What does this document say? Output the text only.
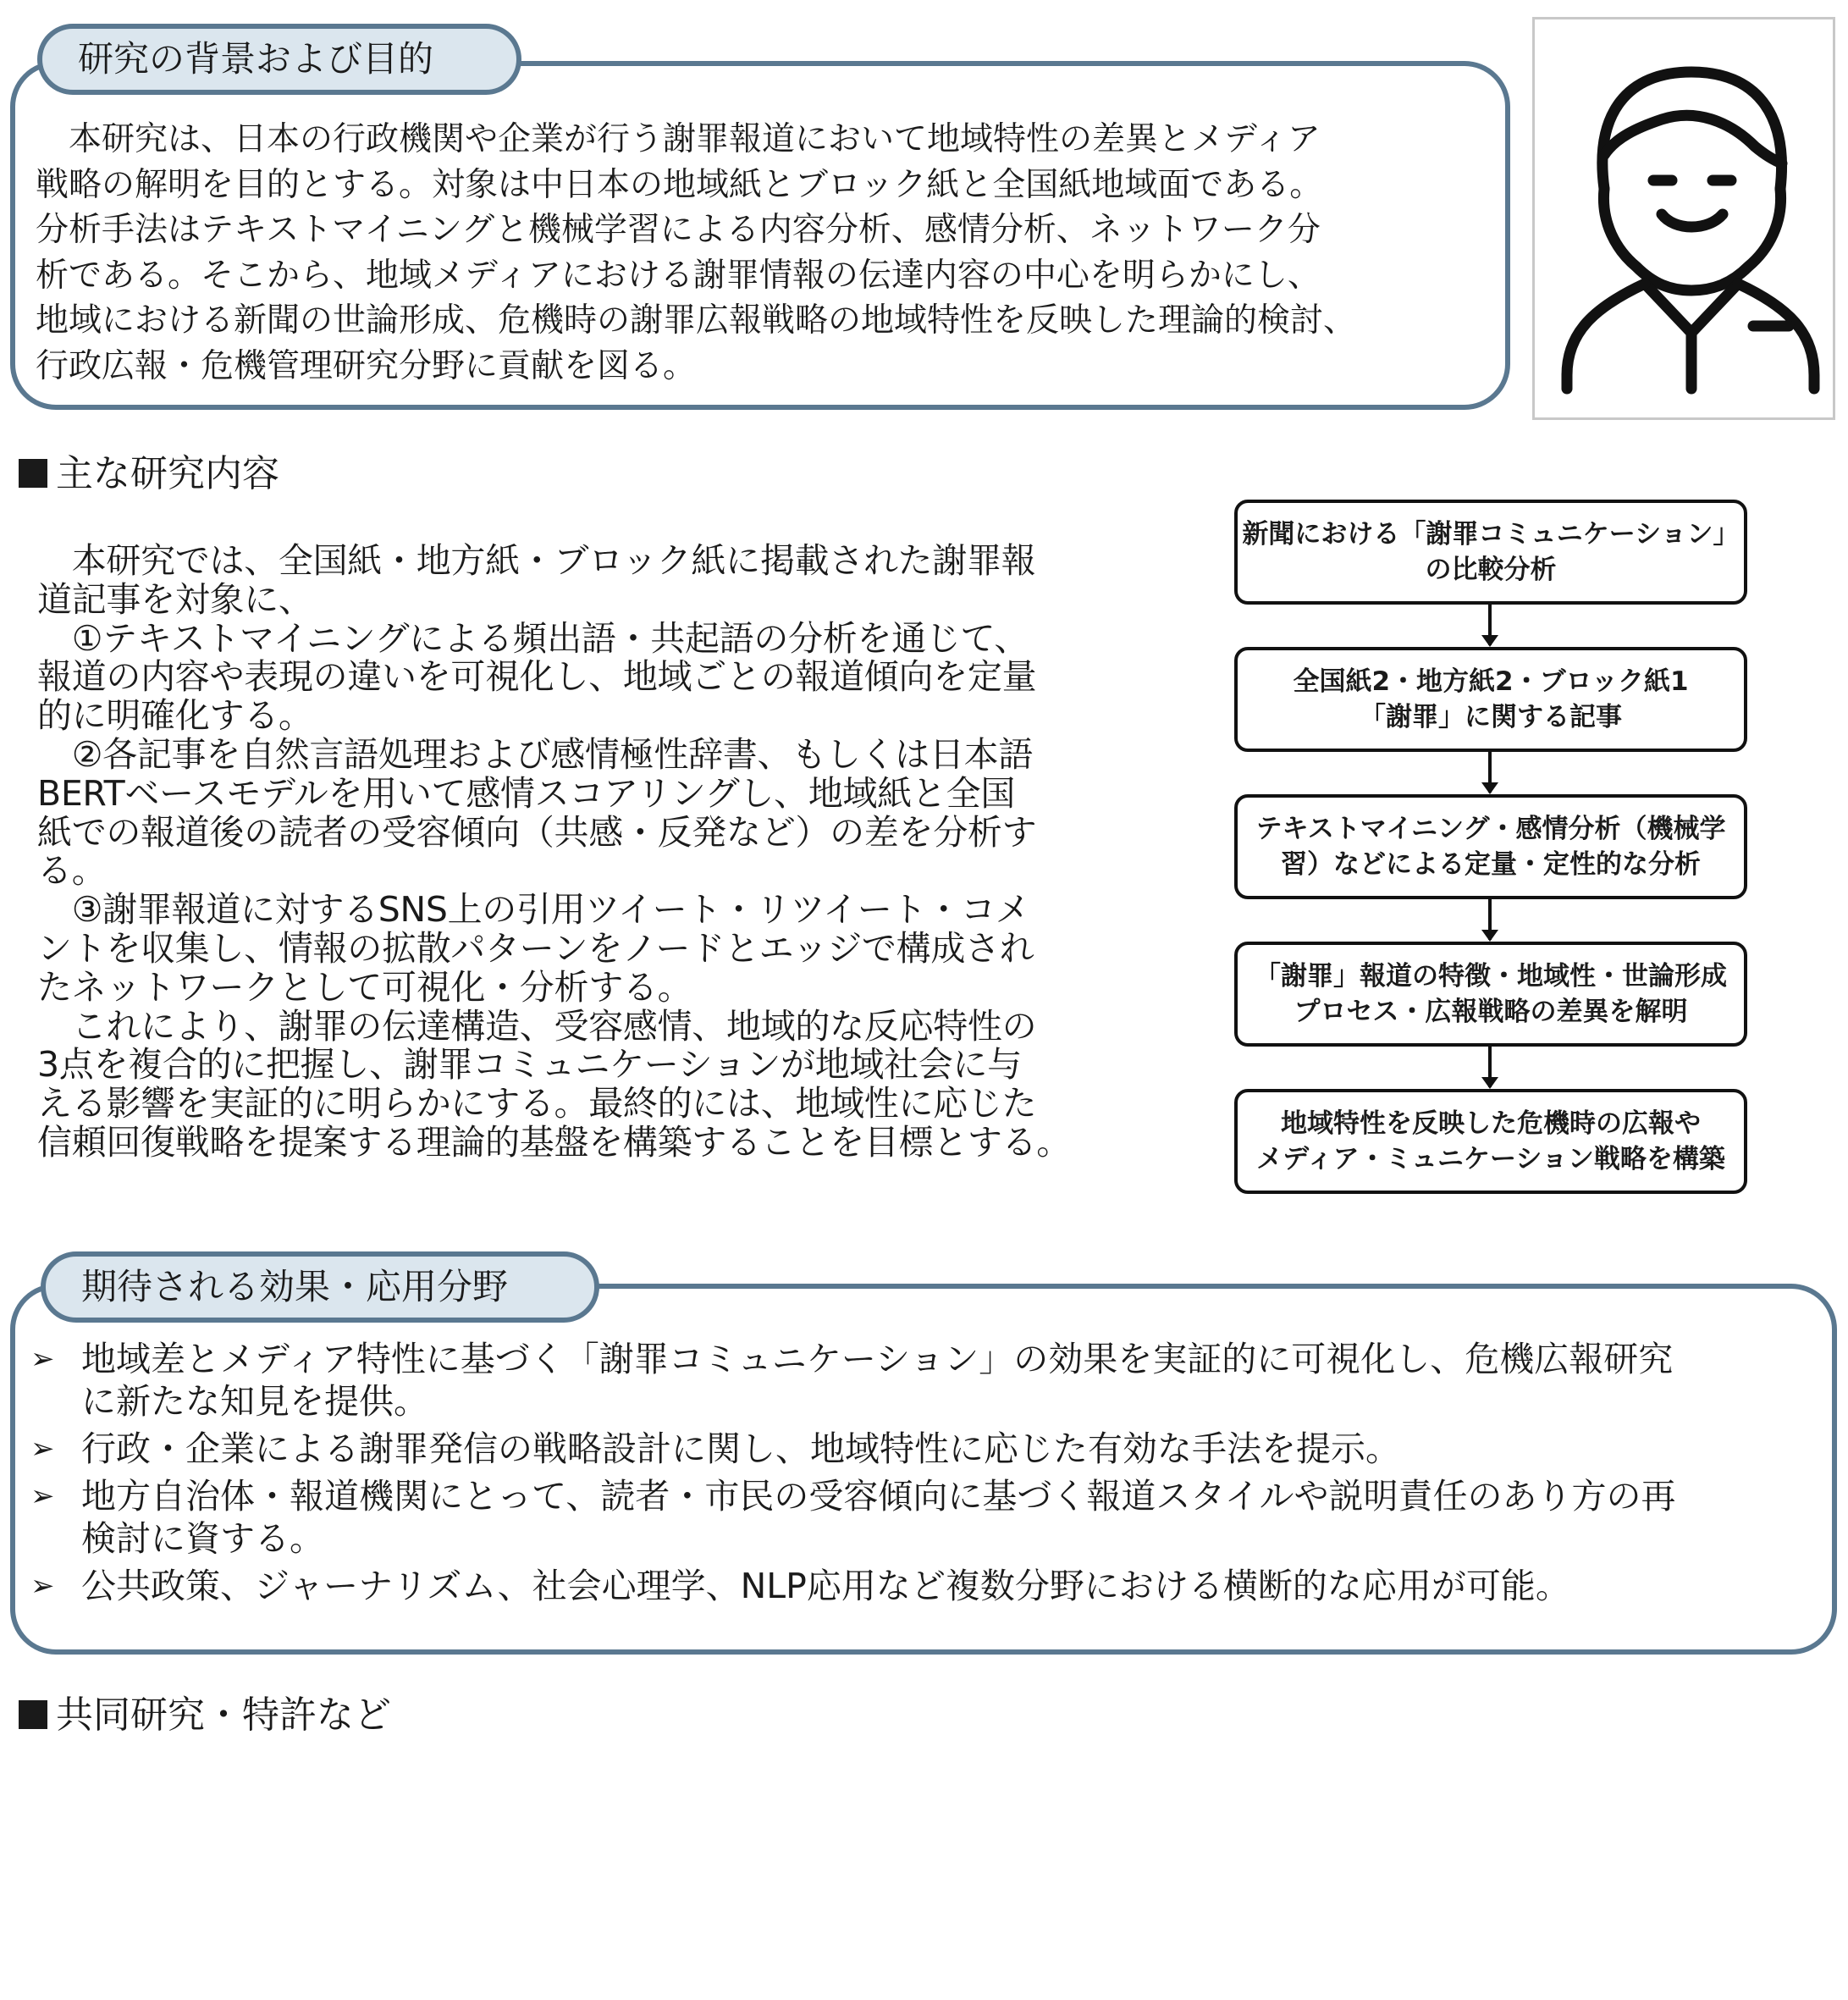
研究の背景および目的

　本研究は、日本の行政機関や企業が行う謝罪報道において地域特性の差異とメディア

戦略の解明を目的とする。対象は中日本の地域紙とブロック紙と全国紙地域面である。

分析手法はテキストマイニングと機械学習による内容分析、感情分析、ネットワーク分

析である。そこから、地域メディアにおける謝罪情報の伝達内容の中心を明らかにし、

地域における新聞の世論形成、危機時の謝罪広報戦略の地域特性を反映した理論的検討、

行政広報・危機管理研究分野に貢献を図る。

主な研究内容

　本研究では、全国紙・地方紙・ブロック紙に掲載された謝罪報

道記事を対象に、

　①テキストマイニングによる頻出語・共起語の分析を通じて、

報道の内容や表現の違いを可視化し、地域ごとの報道傾向を定量

的に明確化する。

　②各記事を自然言語処理および感情極性辞書、もしくは日本語

BERTベースモデルを用いて感情スコアリングし、地域紙と全国

紙での報道後の読者の受容傾向（共感・反発など）の差を分析す

る。

　③謝罪報道に対するSNS上の引用ツイート・リツイート・コメ

ントを収集し、情報の拡散パターンをノードとエッジで構成され

たネットワークとして可視化・分析する。

　これにより、謝罪の伝達構造、受容感情、地域的な反応特性の

3点を複合的に把握し、謝罪コミュニケーションが地域社会に与

える影響を実証的に明らかにする。最終的には、地域性に応じた

信頼回復戦略を提案する理論的基盤を構築することを目標とする。

新聞における「謝罪コミュニケーション」
の比較分析
全国紙2・地方紙2・ブロック紙1
「謝罪」に関する記事
テキストマイニング・感情分析（機械学
習）などによる定量・定性的な分析
「謝罪」報道の特徴・地域性・世論形成
プロセス・広報戦略の差異を解明
地域特性を反映した危機時の広報や
メディア・ミュニケーション戦略を構築
期待される効果・応用分野
➢ 地域差とメディア特性に基づく「謝罪コミュニケーション」の効果を実証的に可視化し、危機広報研究
に新たな知見を提供。
➢ 行政・企業による謝罪発信の戦略設計に関し、地域特性に応じた有効な手法を提示。
➢ 地方自治体・報道機関にとって、読者・市民の受容傾向に基づく報道スタイルや説明責任のあり方の再
検討に資する。
➢ 公共政策、ジャーナリズム、社会心理学、NLP応用など複数分野における横断的な応用が可能。
共同研究・特許など
